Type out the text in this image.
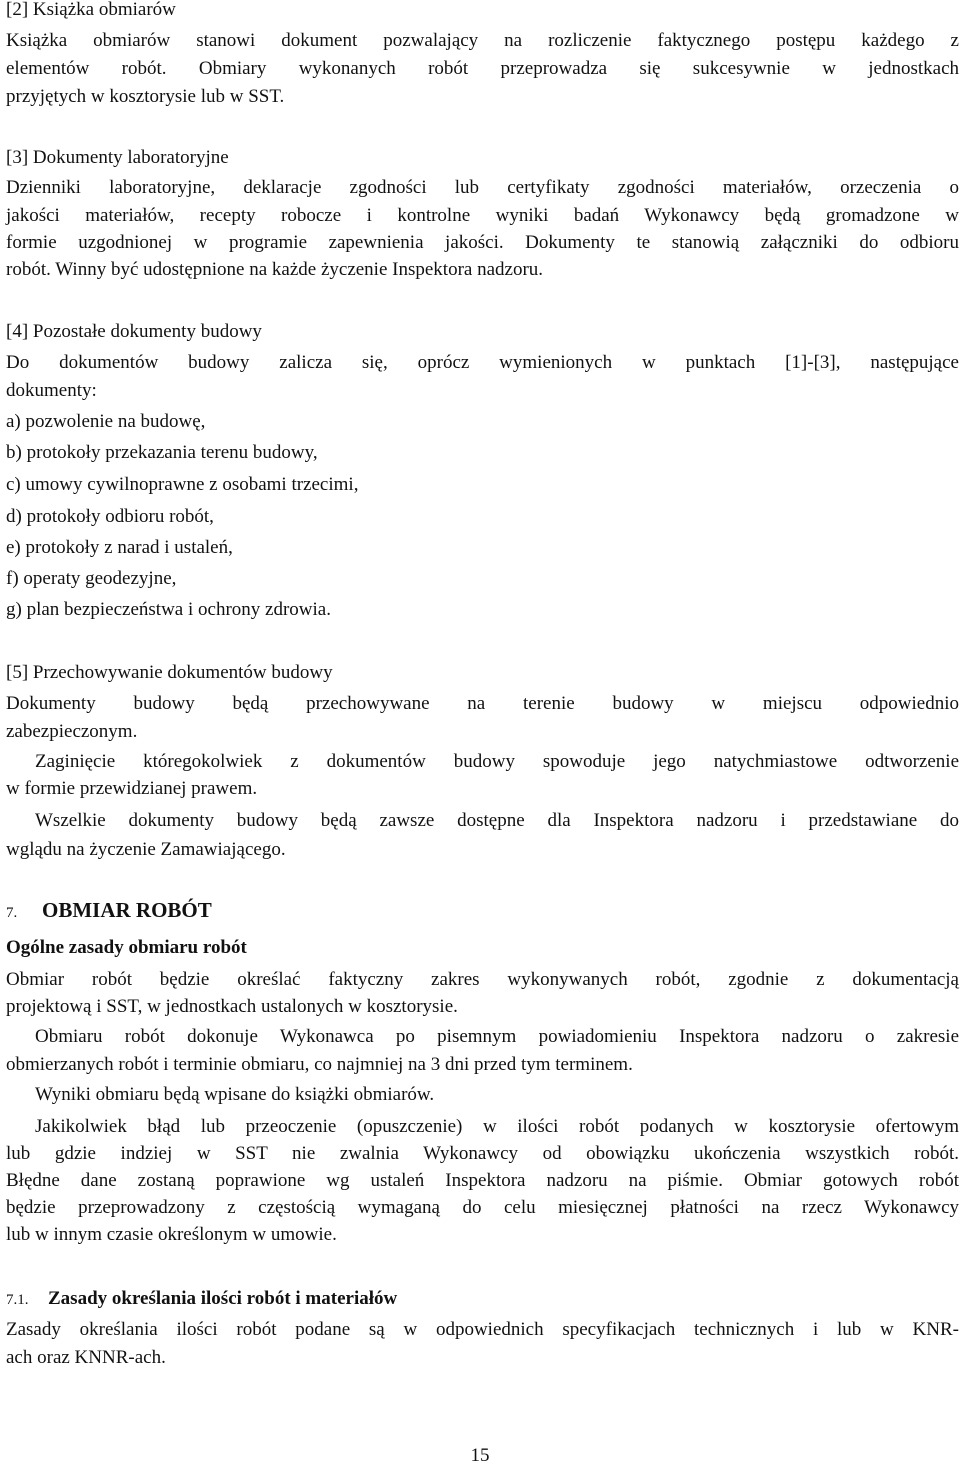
[2] Książka obmiarów
Książka obmiarów stanowi dokument pozwalający na rozliczenie faktycznego postępu każdego z
elementów robót. Obmiary wykonanych robót przeprowadza się sukcesywnie w jednostkach
przyjętych w kosztorysie lub w SST.
[3] Dokumenty laboratoryjne
Dzienniki laboratoryjne, deklaracje zgodności lub certyfikaty zgodności materiałów, orzeczenia o
jakości materiałów, recepty robocze i kontrolne wyniki badań Wykonawcy będą gromadzone w
formie uzgodnionej w programie zapewnienia jakości. Dokumenty te stanowią załączniki do odbioru
robót. Winny być udostępnione na każde życzenie Inspektora nadzoru.
[4] Pozostałe dokumenty budowy
Do dokumentów budowy zalicza się, oprócz wymienionych w punktach [1]-[3], następujące
dokumenty:
a) pozwolenie na budowę,
b) protokoły przekazania terenu budowy,
c) umowy cywilnoprawne z osobami trzecimi,
d) protokoły odbioru robót,
e) protokoły z narad i ustaleń,
f) operaty geodezyjne,
g) plan bezpieczeństwa i ochrony zdrowia.
[5] Przechowywanie dokumentów budowy
Dokumenty budowy będą przechowywane na terenie budowy w miejscu odpowiednio
zabezpieczonym.
Zaginięcie któregokolwiek z dokumentów budowy spowoduje jego natychmiastowe odtworzenie
w formie przewidzianej prawem.
Wszelkie dokumenty budowy będą zawsze dostępne dla Inspektora nadzoru i przedstawiane do
wglądu na życzenie Zamawiającego.
7. OBMIAR ROBÓT
Ogólne zasady obmiaru robót
Obmiar robót będzie określać faktyczny zakres wykonywanych robót, zgodnie z dokumentacją
projektową i SST, w jednostkach ustalonych w kosztorysie.
Obmiaru robót dokonuje Wykonawca po pisemnym powiadomieniu Inspektora nadzoru o zakresie
obmierzanych robót i terminie obmiaru, co najmniej na 3 dni przed tym terminem.
Wyniki obmiaru będą wpisane do książki obmiarów.
Jakikolwiek błąd lub przeoczenie (opuszczenie) w ilości robót podanych w kosztorysie ofertowym
lub gdzie indziej w SST nie zwalnia Wykonawcy od obowiązku ukończenia wszystkich robót.
Błędne dane zostaną poprawione wg ustaleń Inspektora nadzoru na piśmie. Obmiar gotowych robót
będzie przeprowadzony z częstością wymaganą do celu miesięcznej płatności na rzecz Wykonawcy
lub w innym czasie określonym w umowie.
7.1. Zasady określania ilości robót i materiałów
Zasady określania ilości robót podane są w odpowiednich specyfikacjach technicznych i lub w KNR-
ach oraz KNNR-ach.
15
